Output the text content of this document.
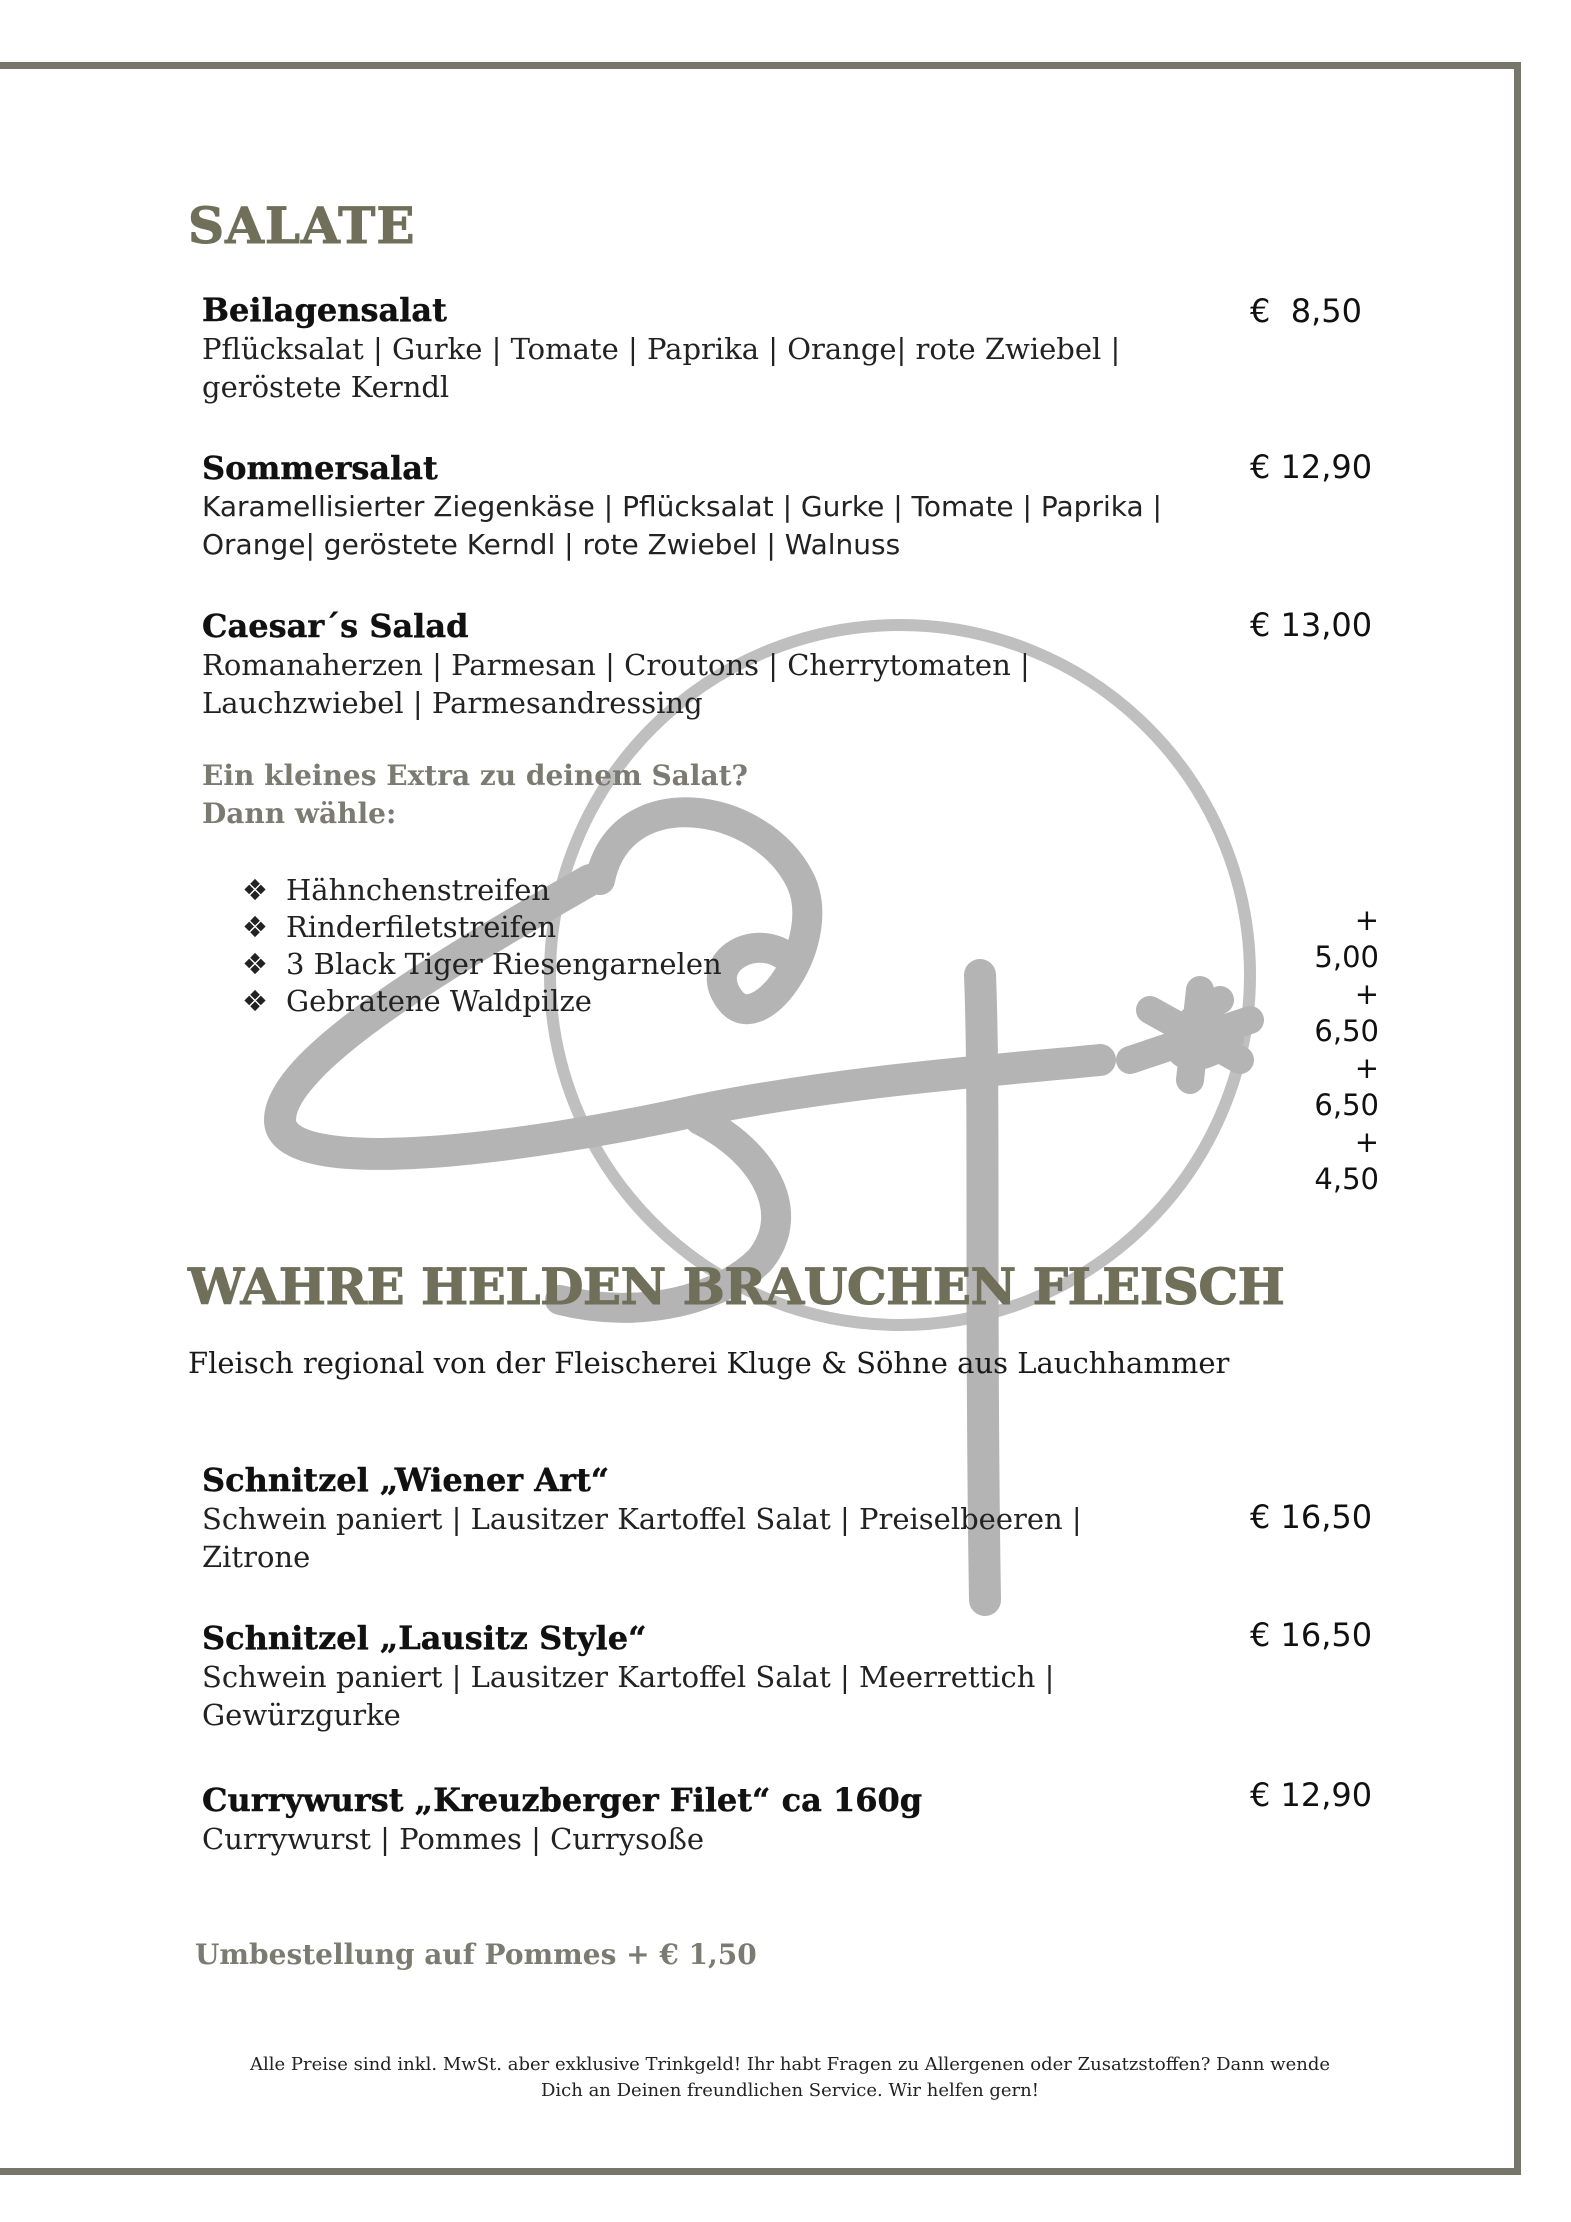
SALATE

Beilagensalat

Pflücksalat | Gurke | Tomate | Paprika | Orange| rote Zwiebel | geröstete Kerndl

€  8,50

Sommersalat

Karamellisierter Ziegenkäse | Pflücksalat | Gurke | Tomate | Paprika | Orange| geröstete Kerndl | rote Zwiebel | Walnuss

€ 12,90

Caesar´s Salad

Romanaherzen | Parmesan | Croutons | Cherrytomaten | Lauchzwiebel | Parmesandressing

€ 13,00

Ein kleines Extra zu deinem Salat?
Dann wähle:

❖ Hähnchenstreifen
❖ Rinderfiletstreifen
❖ 3 Black Tiger Riesengarnelen
❖ Gebratene Waldpilze
+ 5,00
+ 6,50
+ 6,50
+ 4,50
WAHRE HELDEN BRAUCHEN FLEISCH

Fleisch regional von der Fleischerei Kluge & Söhne aus Lauchhammer

Schnitzel „Wiener Art“

Schwein paniert | Lausitzer Kartoffel Salat | Preiselbeeren | Zitrone

€ 16,50

Schnitzel „Lausitz Style“

Schwein paniert | Lausitzer Kartoffel Salat | Meerrettich | Gewürzgurke

€ 16,50

Currywurst „Kreuzberger Filet“ ca 160g

Currywurst | Pommes | Currysoße

€ 12,90

Umbestellung auf Pommes + € 1,50

Alle Preise sind inkl. MwSt. aber exklusive Trinkgeld! Ihr habt Fragen zu Allergenen oder Zusatzstoffen? Dann wende
Dich an Deinen freundlichen Service. Wir helfen gern!
